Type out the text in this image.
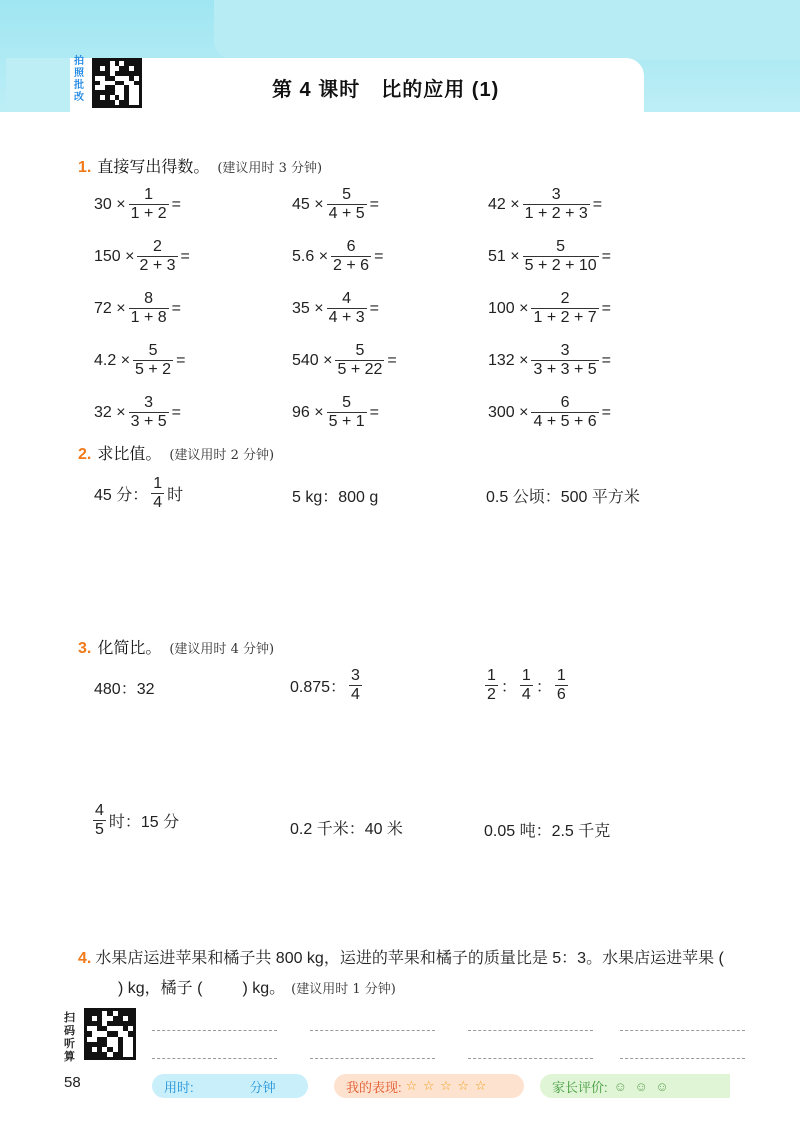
拍照批改	第 4 课时　比的应用 (1)
1. 直接写出得数。 (建议用时 3 分钟)
$30 \times \frac{1}{1 + 2}$ =	$45 \times \frac{5}{4 + 5}$ =	$42 \times \frac{3}{1 + 2 + 3}$ =
$150 \times \frac{2}{2 + 3}$ =	$5.6 \times \frac{6}{2 + 6}$ =	$51 \times \frac{5}{5 + 2 + 10}$ =
$72 \times \frac{8}{1 + 8}$ =	$35 \times \frac{4}{4 + 3}$ =	$100 \times \frac{2}{1 + 2 + 7}$ =
$4.2 \times \frac{5}{5 + 2}$ =	$540 \times \frac{5}{5 + 22}$ =	$132 \times \frac{3}{3 + 3 + 5}$ =
$32 \times \frac{3}{3 + 5}$ =	$96 \times \frac{5}{5 + 1}$ =	$300 \times \frac{6}{4 + 5 + 6}$ =
2. 求比值。 (建议用时 2 分钟)
45 分： $\frac{1}{4}$ 时	5 kg：800 g	0.5 公顷：500 平方米
3. 化简比。 (建议用时 4 分钟)
480：32	0.875： $\frac{3}{4}$	$\frac{1}{2}$ ： $\frac{1}{4}$ ： $\frac{1}{6}$
$\frac{4}{5}$ 时：15 分	0.2 千米：40 米	0.05 吨：2.5 千克
4. 水果店运进苹果和橘子共 800 kg，运进的苹果和橘子的质量比是 5：3。水果店运进苹果 () kg，橘子 (	) kg。 (建议用时 1 分钟)
扫码听算
58	用时:	分钟	我的表现: ☆ ☆ ☆ ☆ ☆	家长评价: ☺ ☺ ☺
